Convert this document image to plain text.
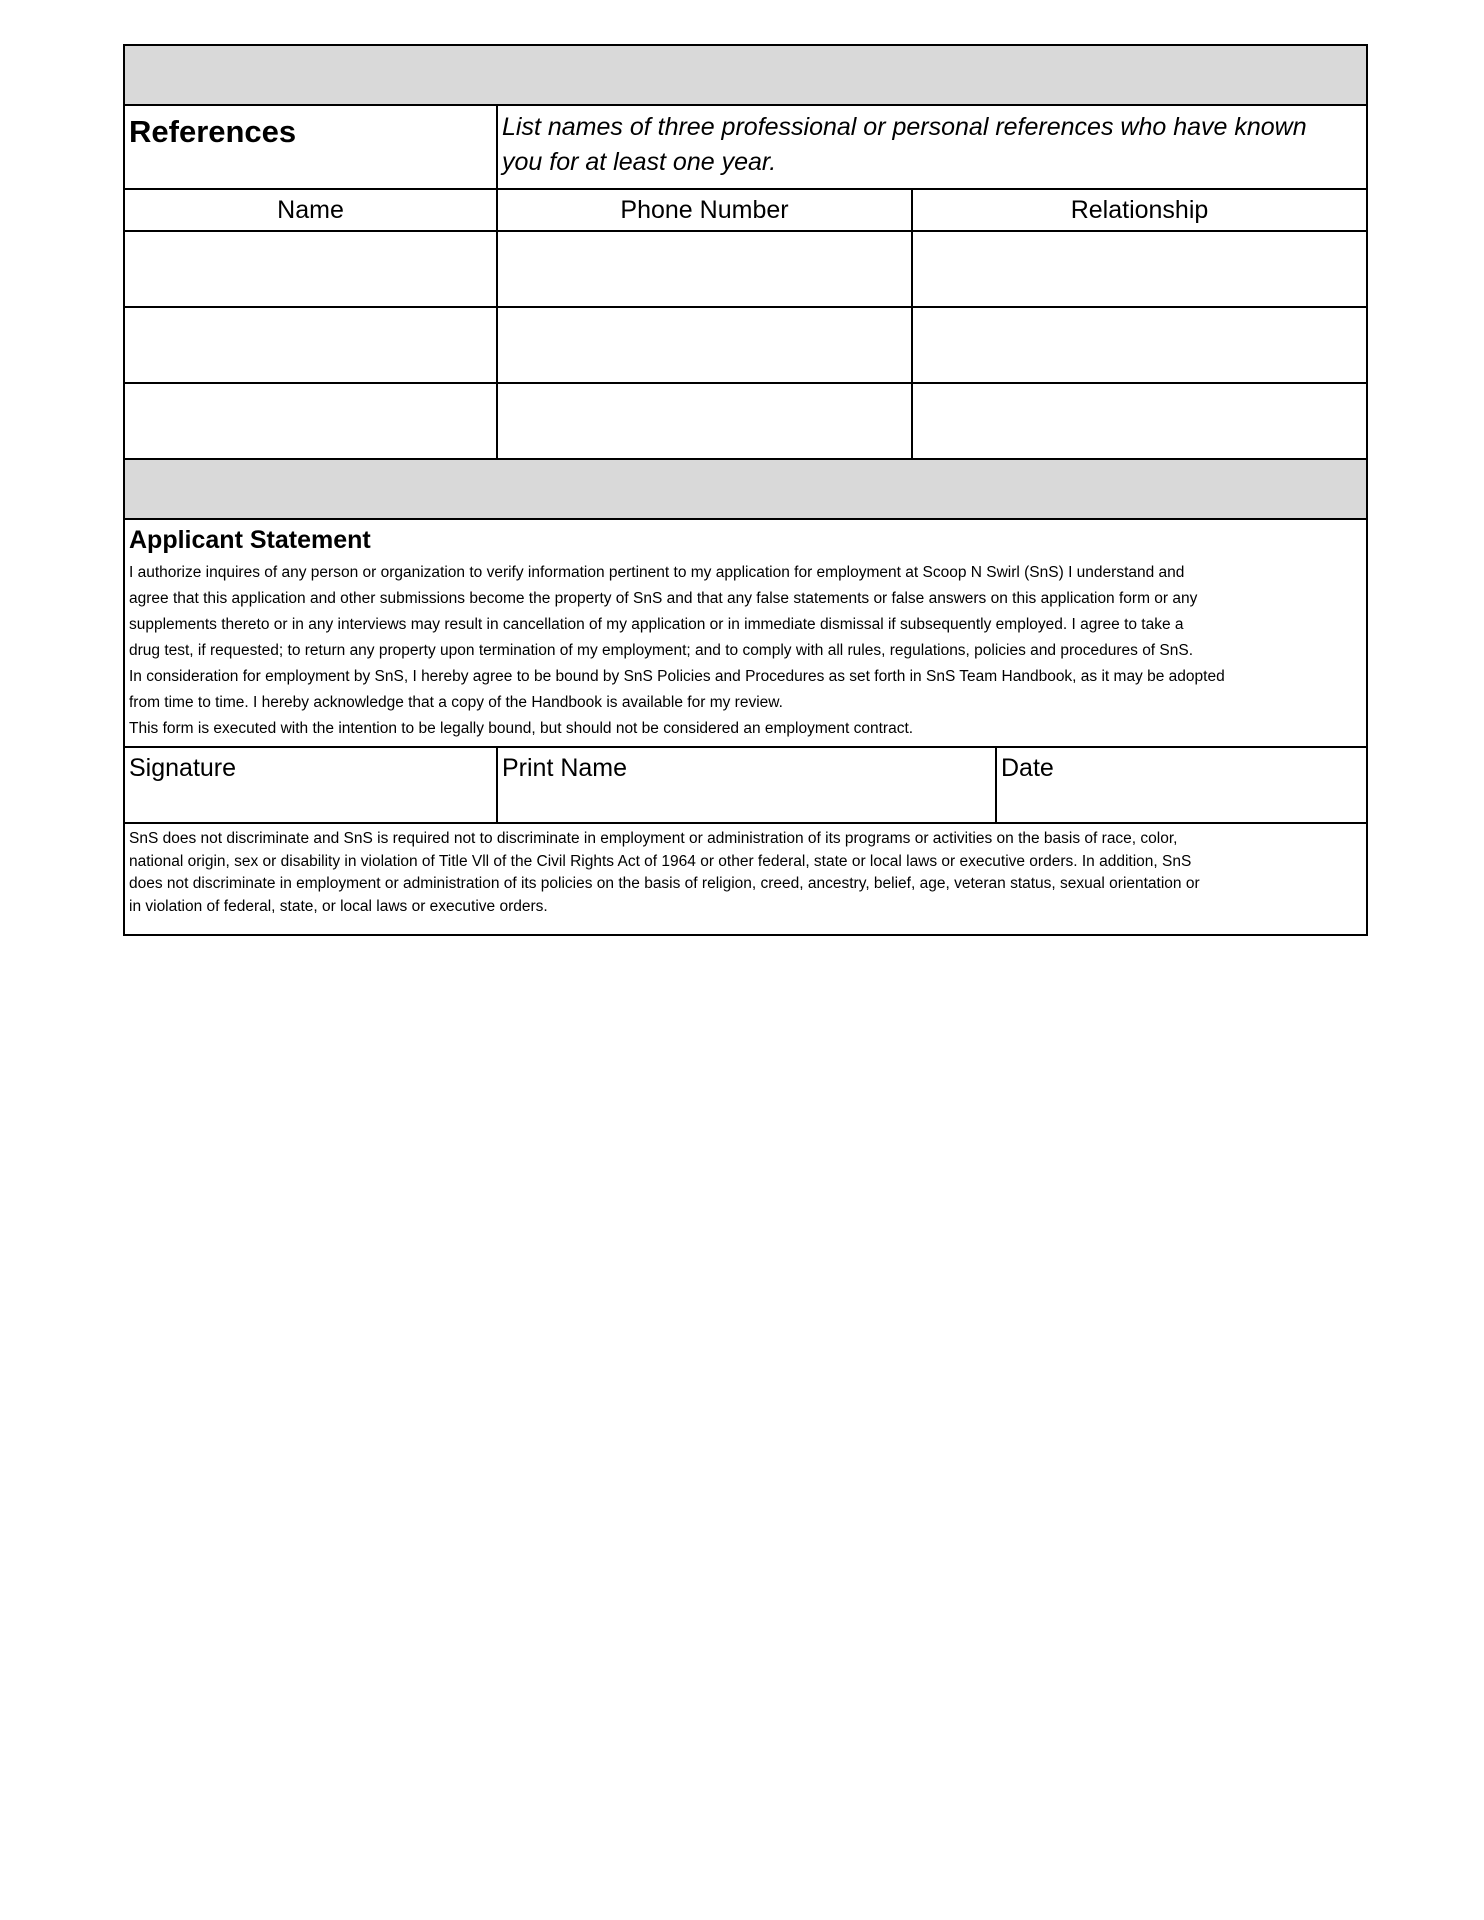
References	List names of three professional or personal references who have known
you for at least one year.
Name	Phone Number	Relationship
Applicant Statement

I authorize inquires of any person or organization to verify information pertinent to my application for employment at Scoop N Swirl (SnS) I understand and

agree that this application and other submissions become the property of SnS and that any false statements or false answers on this application form or any

supplements thereto or in any interviews may result in cancellation of my application or in immediate dismissal if subsequently employed. I agree to take a

drug test, if requested; to return any property upon termination of my employment; and to comply with all rules, regulations, policies and procedures of SnS.

In consideration for employment by SnS, I hereby agree to be bound by SnS Policies and Procedures as set forth in SnS Team Handbook, as it may be adopted

from time to time. I hereby acknowledge that a copy of the Handbook is available for my review.

This form is executed with the intention to be legally bound, but should not be considered an employment contract.

Signature	Print Name	Date

SnS does not discriminate and SnS is required not to discriminate in employment or administration of its programs or activities on the basis of race, color,

national origin, sex or disability in violation of Title Vll of the Civil Rights Act of 1964 or other federal, state or local laws or executive orders. In addition, SnS

does not discriminate in employment or administration of its policies on the basis of religion, creed, ancestry, belief, age, veteran status, sexual orientation or

in violation of federal, state, or local laws or executive orders.
